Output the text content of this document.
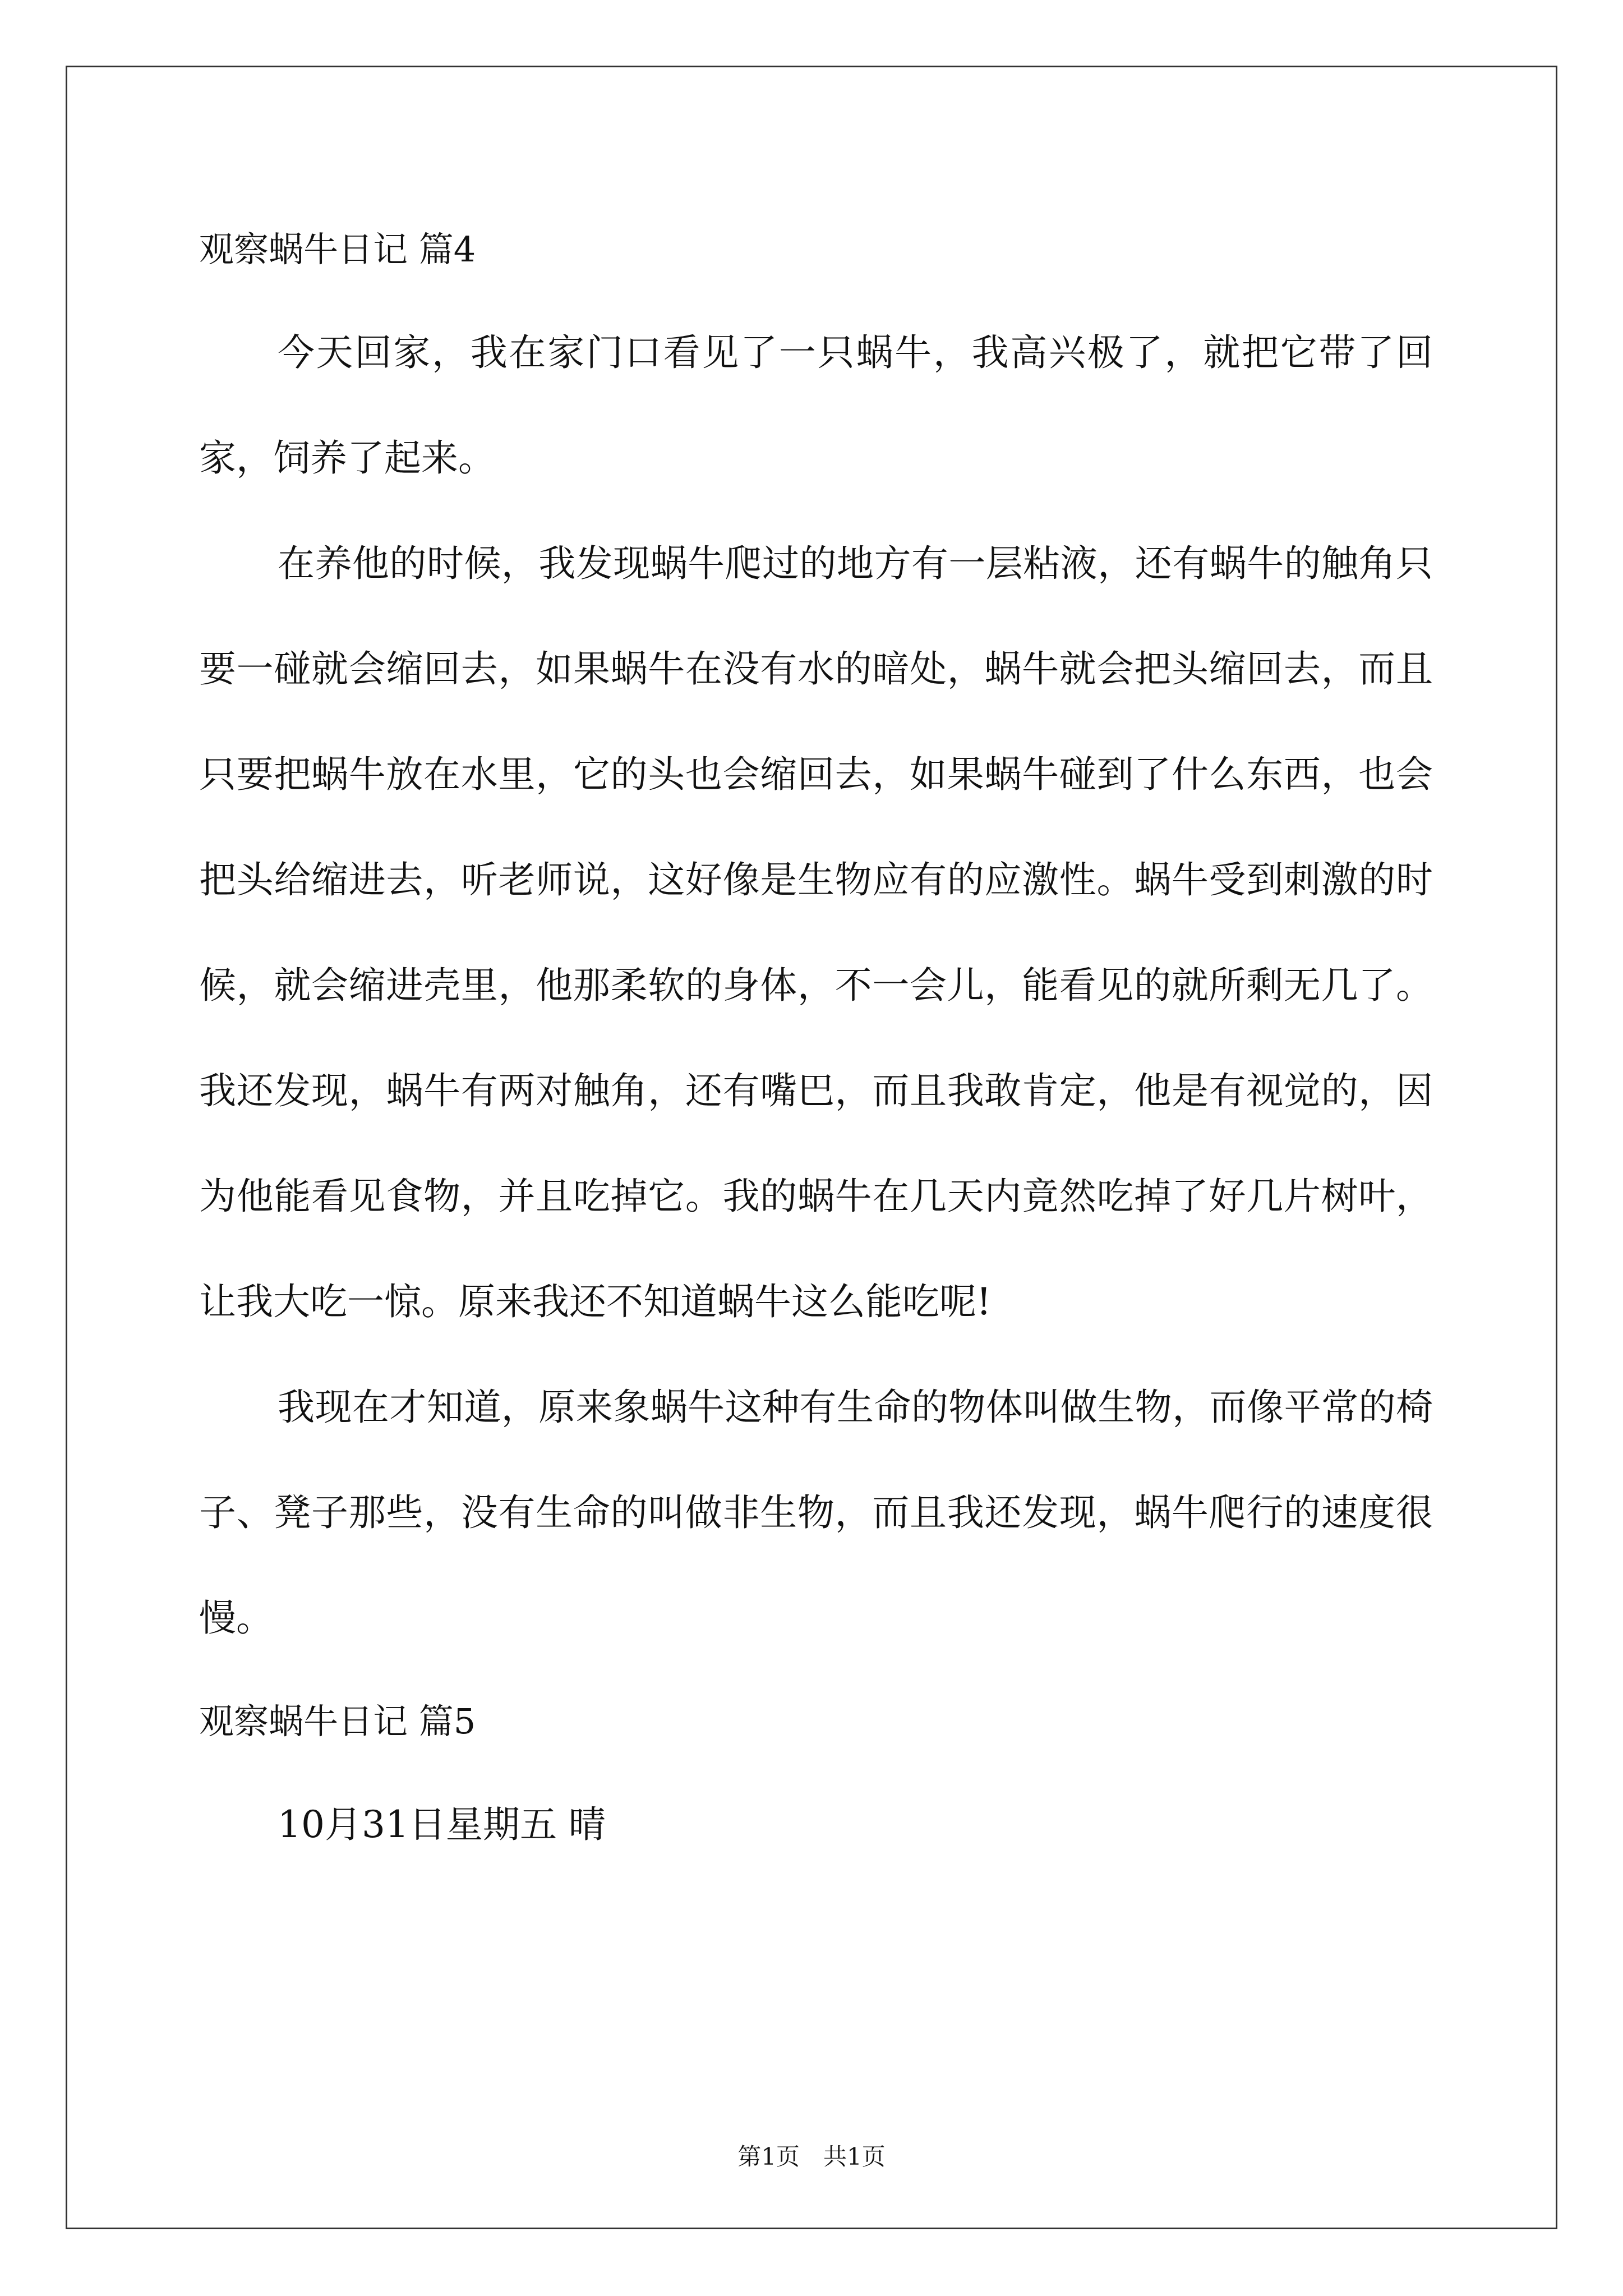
观察蜗牛日记 篇4

今天回家，我在家门口看见了一只蜗牛，我高兴极了，就把它带了回家，饲养了起来。

在养他的时候，我发现蜗牛爬过的地方有一层粘液，还有蜗牛的触角只要一碰就会缩回去，如果蜗牛在没有水的暗处，蜗牛就会把头缩回去，而且只要把蜗牛放在水里，它的头也会缩回去，如果蜗牛碰到了什么东西，也会把头给缩进去，听老师说，这好像是生物应有的应激性。蜗牛受到刺激的时候，就会缩进壳里，他那柔软的身体，不一会儿，能看见的就所剩无几了。我还发现，蜗牛有两对触角，还有嘴巴，而且我敢肯定，他是有视觉的，因为他能看见食物，并且吃掉它。我的蜗牛在几天内竟然吃掉了好几片树叶，让我大吃一惊。原来我还不知道蜗牛这么能吃呢!

我现在才知道，原来象蜗牛这种有生命的物体叫做生物，而像平常的椅子、凳子那些，没有生命的叫做非生物，而且我还发现，蜗牛爬行的速度很慢。

观察蜗牛日记 篇5

10月31日星期五 晴

第1页　共1页
